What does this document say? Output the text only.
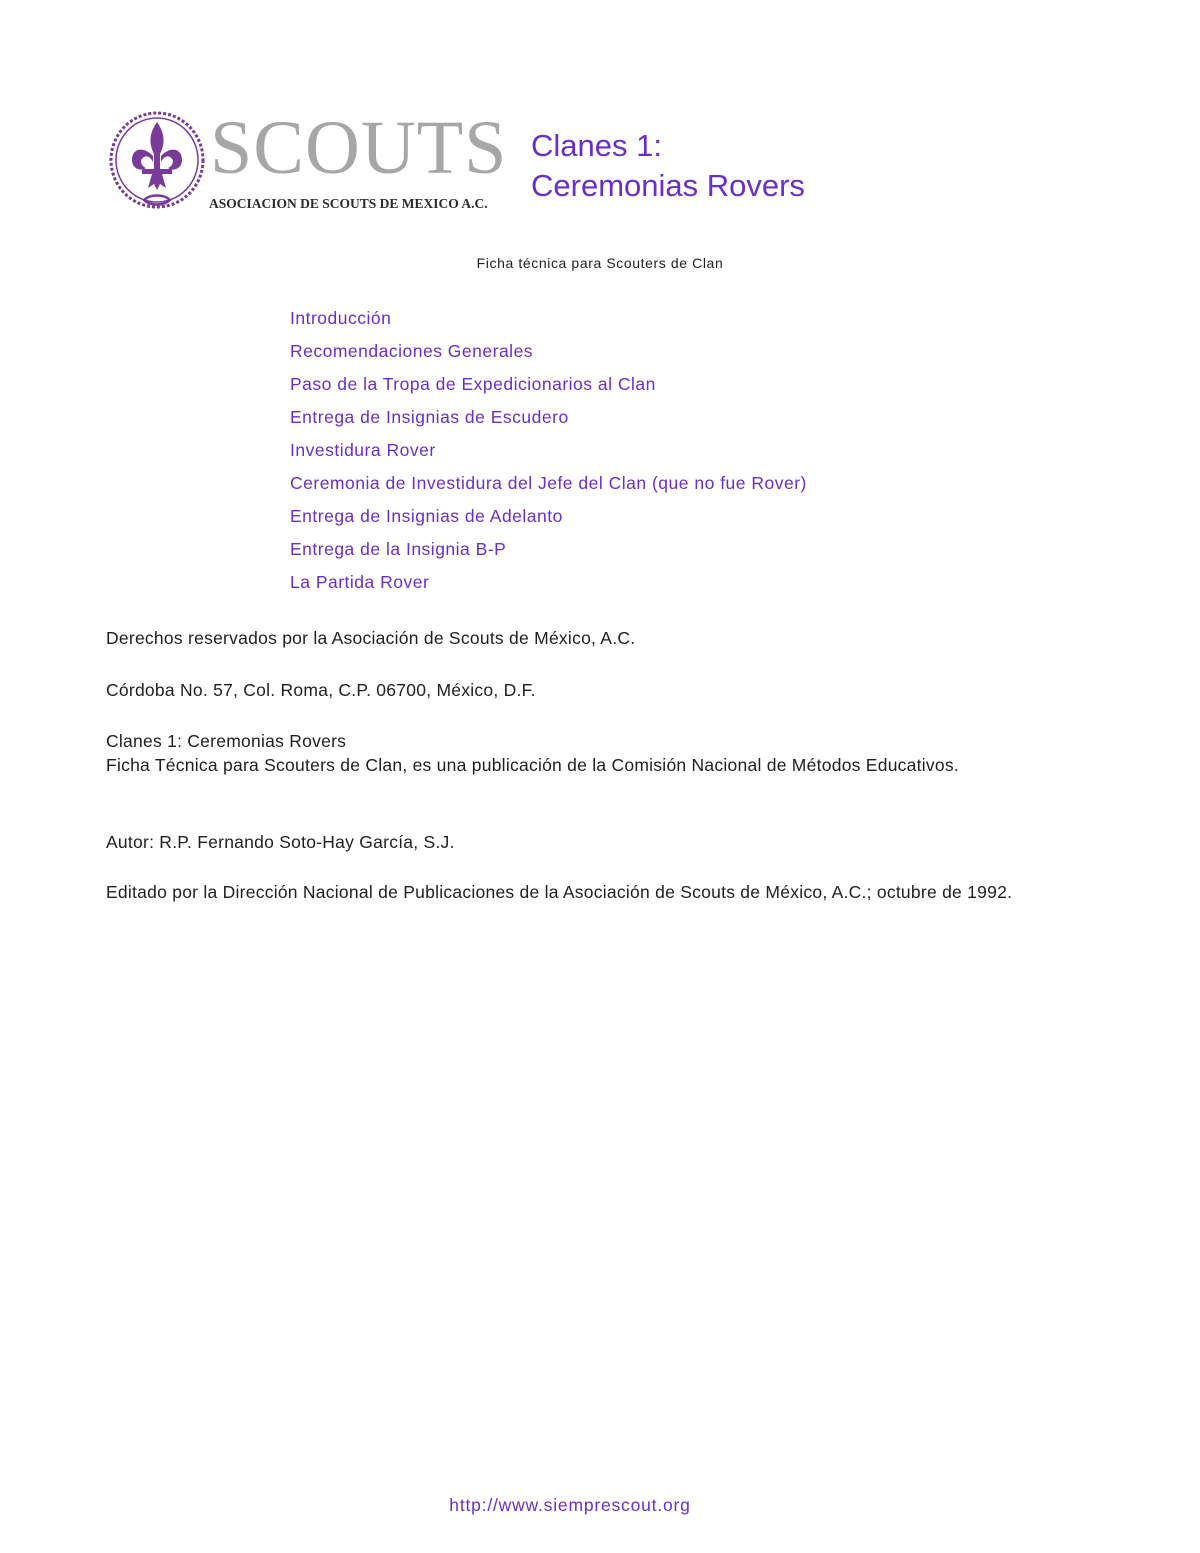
SCOUTS
ASOCIACION DE SCOUTS DE MEXICO A.C.
Clanes 1:
Ceremonias Rovers
Ficha técnica para Scouters de Clan
Introducción
Recomendaciones Generales
Paso de la Tropa de Expedicionarios al Clan
Entrega de Insignias de Escudero
Investidura Rover
Ceremonia de Investidura del Jefe del Clan (que no fue Rover)
Entrega de Insignias de Adelanto
Entrega de la Insignia B-P
La Partida Rover

Derechos reservados por la Asociación de Scouts de México, A.C.

Córdoba No. 57, Col. Roma, C.P. 06700, México, D.F.

Clanes 1: Ceremonias Rovers

Ficha Técnica para Scouters de Clan, es una publicación de la Comisión Nacional de Métodos Educativos.

Autor: R.P. Fernando Soto-Hay García, S.J.

Editado por la Dirección Nacional de Publicaciones de la Asociación de Scouts de México, A.C.; octubre de 1992.

http://www.siemprescout.org
